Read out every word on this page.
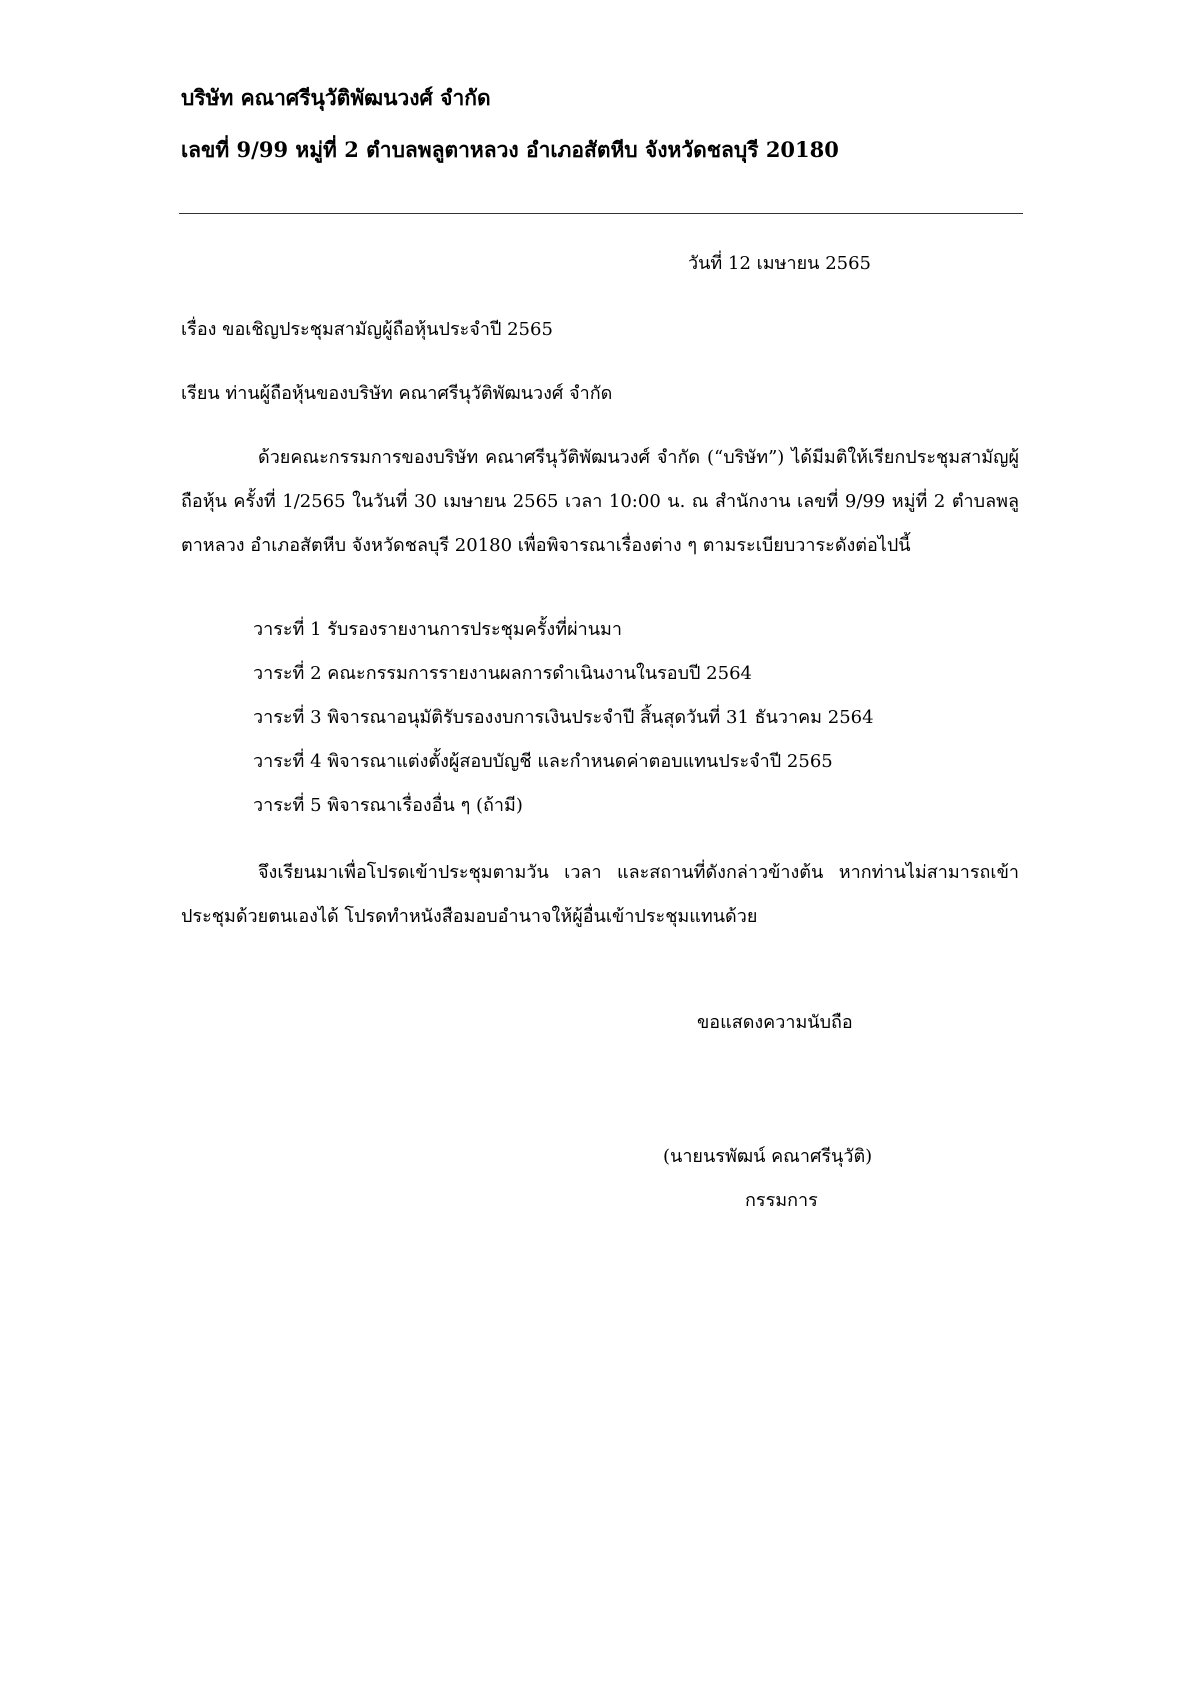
บริษัท คณาศรีนุวัติพัฒนวงศ์ จำกัด
เลขที่ 9/99 หมู่ที่ 2 ตำบลพลูตาหลวง อำเภอสัตหีบ จังหวัดชลบุรี 20180
วันที่ 12 เมษายน 2565
เรื่อง ขอเชิญประชุมสามัญผู้ถือหุ้นประจำปี 2565
เรียน ท่านผู้ถือหุ้นของบริษัท คณาศรีนุวัติพัฒนวงศ์ จำกัด
ด้วยคณะกรรมการของบริษัท คณาศรีนุวัติพัฒนวงศ์ จำกัด (“บริษัท”) ได้มีมติให้เรียกประชุมสามัญผู้ถือหุ้น ครั้งที่ 1/2565 ในวันที่ 30 เมษายน 2565 เวลา 10:00 น. ณ สำนักงาน เลขที่ 9/99 หมู่ที่ 2 ตำบลพลูตาหลวง อำเภอสัตหีบ จังหวัดชลบุรี 20180 เพื่อพิจารณาเรื่องต่าง ๆ ตามระเบียบวาระดังต่อไปนี้
วาระที่ 1 รับรองรายงานการประชุมครั้งที่ผ่านมา
วาระที่ 2 คณะกรรมการรายงานผลการดำเนินงานในรอบปี 2564
วาระที่ 3 พิจารณาอนุมัติรับรองงบการเงินประจำปี สิ้นสุดวันที่ 31 ธันวาคม 2564
วาระที่ 4 พิจารณาแต่งตั้งผู้สอบบัญชี และกำหนดค่าตอบแทนประจำปี 2565
วาระที่ 5 พิจารณาเรื่องอื่น ๆ (ถ้ามี)
จึงเรียนมาเพื่อโปรดเข้าประชุมตามวัน เวลา และสถานที่ดังกล่าวข้างต้น หากท่านไม่สามารถเข้าประชุมด้วยตนเองได้ โปรดทำหนังสือมอบอำนาจให้ผู้อื่นเข้าประชุมแทนด้วย
ขอแสดงความนับถือ
(นายนรพัฒน์ คณาศรีนุวัติ)
กรรมการ
